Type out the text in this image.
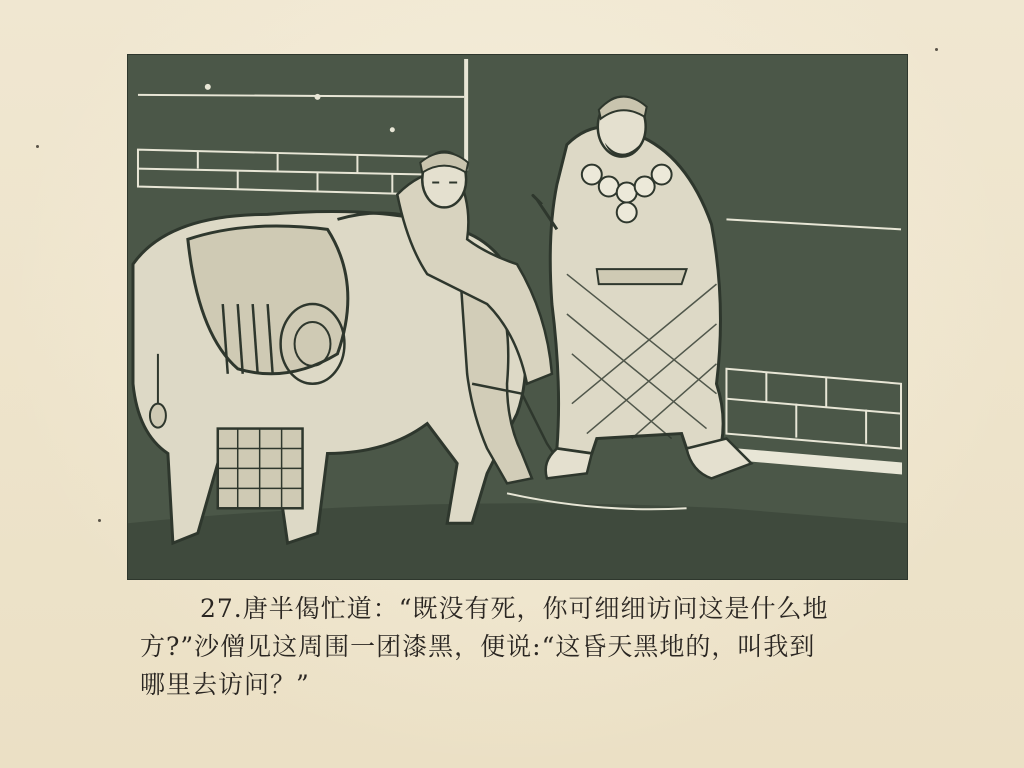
27.唐半偈忙道：“既没有死，你可细细访问这是什么地
方?”沙僧见这周围一团漆黑，便说:“这昏天黑地的，叫我到
哪里去访问？”
